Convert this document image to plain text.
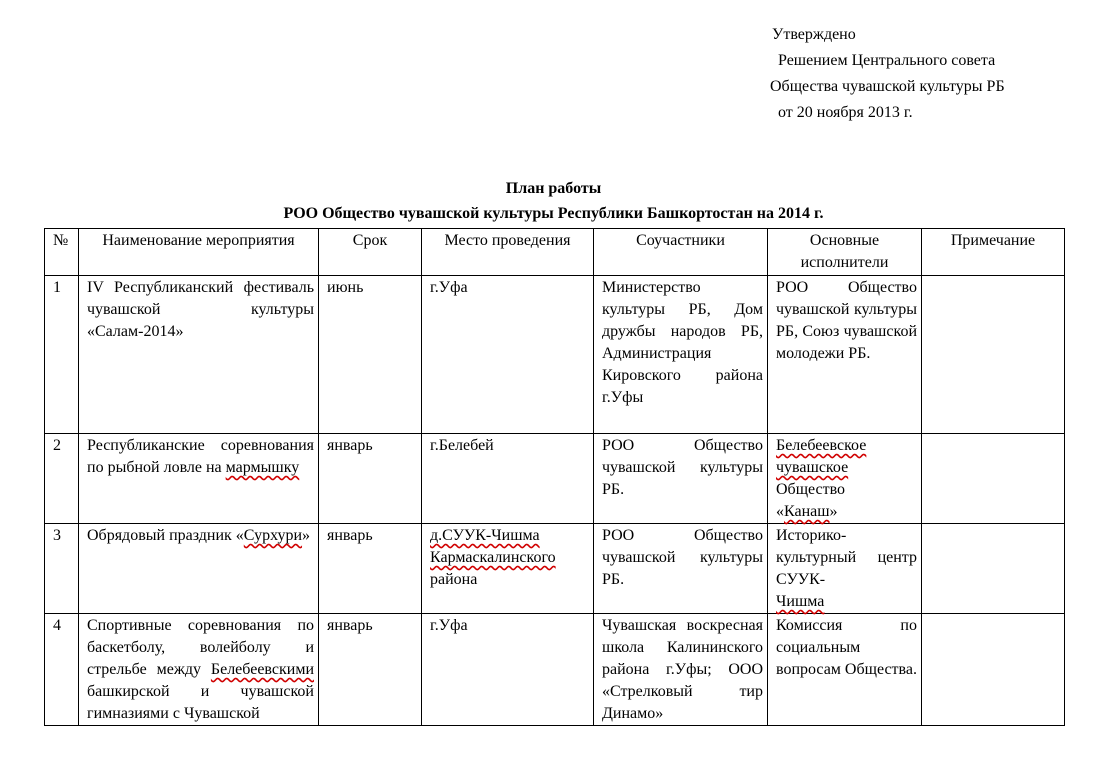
Утверждено
Решением Центрального совета
Общества чувашской культуры РБ
от 20 ноября 2013 г.
План работы
РОО Общество чувашской культуры Республики Башкортостан на 2014 г.
№	Наименование мероприятия	Срок	Место проведения	Соучастники	Основные исполнители	Примечание
1	IV Республиканский фестиваль чувашской культуры «Салам-2014»	июнь	г.Уфа	Министерство культуры РБ, Дом дружбы народов РБ, Администрация Кировского района г.Уфы	РОО Общество чувашской культуры РБ, Союз чувашской молодежи РБ.	
2	Республиканские соревнования по рыбной ловле на мармышку	январь	г.Белебей	РОО Общество чувашской культуры РБ.	Белебеевское
чувашское
Общество
«Канаш»	
3	Обрядовый праздник «Сурхури»	январь	д.СУУК-Чишма
Кармаскалинского
района	РОО Общество чувашской культуры РБ.	Историко-культурный центр СУУК-
Чишма	
4	Спортивные соревнования по баскетболу, волейболу и стрельбе между Белебеевскими башкирской и чувашской гимназиями с Чувашской	январь	г.Уфа	Чувашская воскресная школа Калининского района г.Уфы; ООО «Стрелковый тир Динамо»	Комиссия по социальным вопросам Общества.	
